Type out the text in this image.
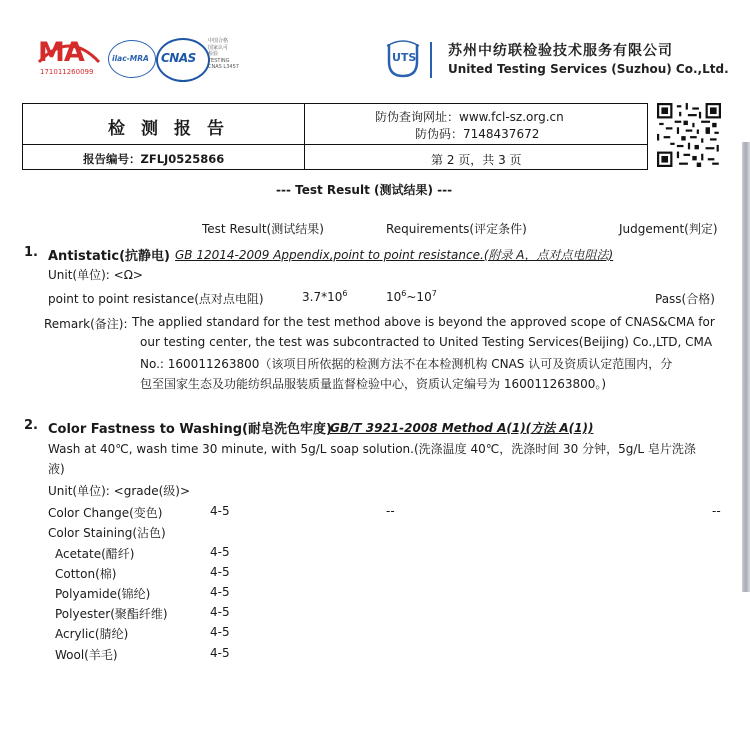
MA
171011260099
ilac-MRA CNAS
中国合格
国家认可
检验
TESTING
CNAS L3457
UTS 苏州中纺联检验技术服务有限公司
United Testing Services (Suzhou) Co.,Ltd.
检测报告
报告编号：ZFLJ0525866
防伪查询网址：www.fcl-sz.org.cn
防伪码：7148437672
第 2 页，共 3 页
--- Test Result (测试结果) ---
Test Result(测试结果)	Requirements(评定条件)	Judgement(判定)
1. Antistatic(抗静电) GB 12014-2009 Appendix,point to point resistance.(附录 A，点对点电阻法)
Unit(单位): <Ω>
point to point resistance(点对点电阻)	$3.7*10^6$	$10^6\sim 10^7$	Pass(合格)
Remark(备注): The applied standard for the test method above is beyond the approved scope of CNAS&CMA for
our testing center, the test was subcontracted to United Testing Services(Beijing) Co.,LTD, CMA
No.: 160011263800（该项目所依据的检测方法不在本检测机构 CNAS 认可及资质认定范围内，分
包至国家生态及功能纺织品服装质量监督检验中心，资质认定编号为 160011263800。)
2. Color Fastness to Washing(耐皂洗色牢度)
GB/T 3921-2008 Method A(1)(方法 A(1))
Wash at 40℃, wash time 30 minute, with 5g/L soap solution.(洗涤温度 40℃，洗涤时间 30 分钟，5g/L 皂片洗涤
液)
Unit(单位): <grade(级)>
Color Change(变色)	4-5	--	--
Color Staining(沾色)
Acetate(醋纤)	4-5
Cotton(棉)	4-5
Polyamide(锦纶)	4-5
Polyester(聚酯纤维)	4-5
Acrylic(腈纶)	4-5
Wool(羊毛)	4-5
